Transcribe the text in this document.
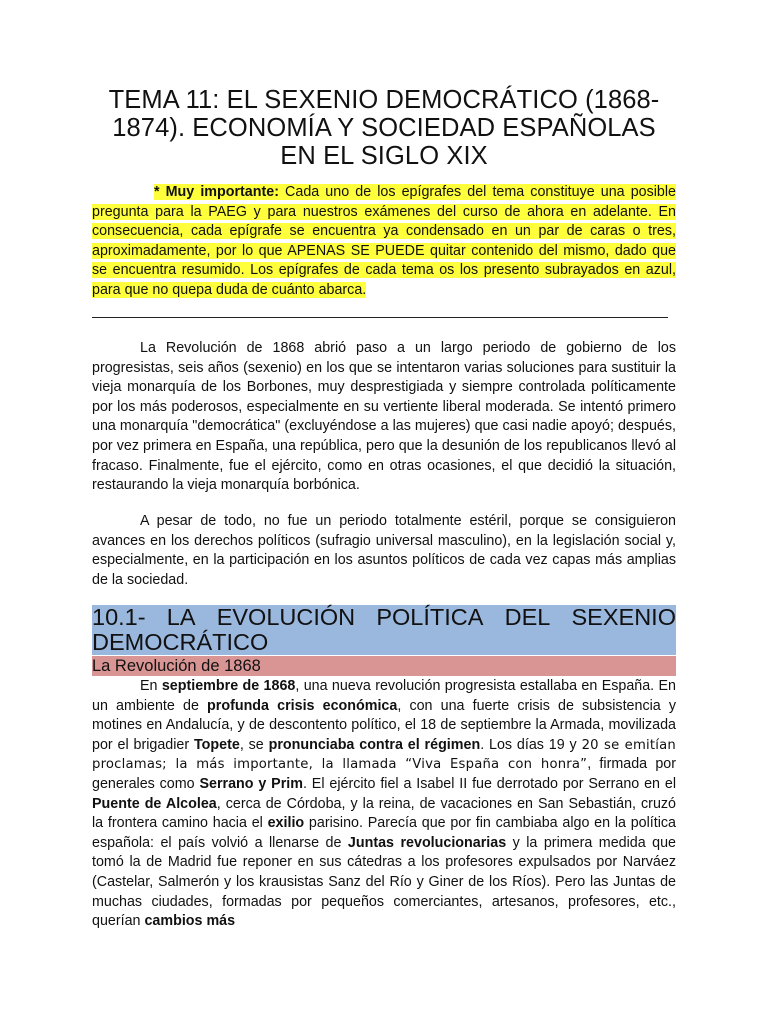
TEMA 11: EL SEXENIO DEMOCRÁTICO (1868-
1874). ECONOMÍA Y SOCIEDAD ESPAÑOLAS
EN EL SIGLO XIX

* Muy importante: Cada uno de los epígrafes del tema constituye una posible pregunta para la PAEG y para nuestros exámenes del curso de ahora en adelante. En consecuencia, cada epígrafe se encuentra ya condensado en un par de caras o tres, aproximadamente, por lo que APENAS SE PUEDE quitar contenido del mismo, dado que se encuentra resumido. Los epígrafes de cada tema os los presento subrayados en azul, para que no quepa duda de cuánto abarca.

La Revolución de 1868 abrió paso a un largo periodo de gobierno de los progresistas, seis años (sexenio) en los que se intentaron varias soluciones para sustituir la vieja monarquía de los Borbones, muy desprestigiada y siempre controlada políticamente por los más poderosos, especialmente en su vertiente liberal moderada. Se intentó primero una monarquía "democrática" (excluyéndose a las mujeres) que casi nadie apoyó; después, por vez primera en España, una república, pero que la desunión de los republicanos llevó al fracaso. Finalmente, fue el ejército, como en otras ocasiones, el que decidió la situación, restaurando la vieja monarquía borbónica.

A pesar de todo, no fue un periodo totalmente estéril, porque se consiguieron avances en los derechos políticos (sufragio universal masculino), en la legislación social y, especialmente, en la participación en los asuntos políticos de cada vez capas más amplias de la sociedad.

10.1- LA EVOLUCIÓN POLÍTICA DEL SEXENIO
DEMOCRÁTICO
La Revolución de 1868

En septiembre de 1868, una nueva revolución progresista estallaba en España. En un ambiente de profunda crisis económica, con una fuerte crisis de subsistencia y motines en Andalucía, y de descontento político, el 18 de septiembre la Armada, movilizada por el brigadier Topete, se pronunciaba contra el régimen. Los días 19 y 20 se emitían proclamas; la más importante, la llamada “Viva España con honra”, firmada por generales como Serrano y Prim. El ejército fiel a Isabel II fue derrotado por Serrano en el Puente de Alcolea, cerca de Córdoba, y la reina, de vacaciones en San Sebastián, cruzó la frontera camino hacia el exilio parisino. Parecía que por fin cambiaba algo en la política española: el país volvió a llenarse de Juntas revolucionarias y la primera medida que tomó la de Madrid fue reponer en sus cátedras a los profesores expulsados por Narváez (Castelar, Salmerón y los krausistas Sanz del Río y Giner de los Ríos). Pero las Juntas de muchas ciudades, formadas por pequeños comerciantes, artesanos, profesores, etc., querían cambios más
